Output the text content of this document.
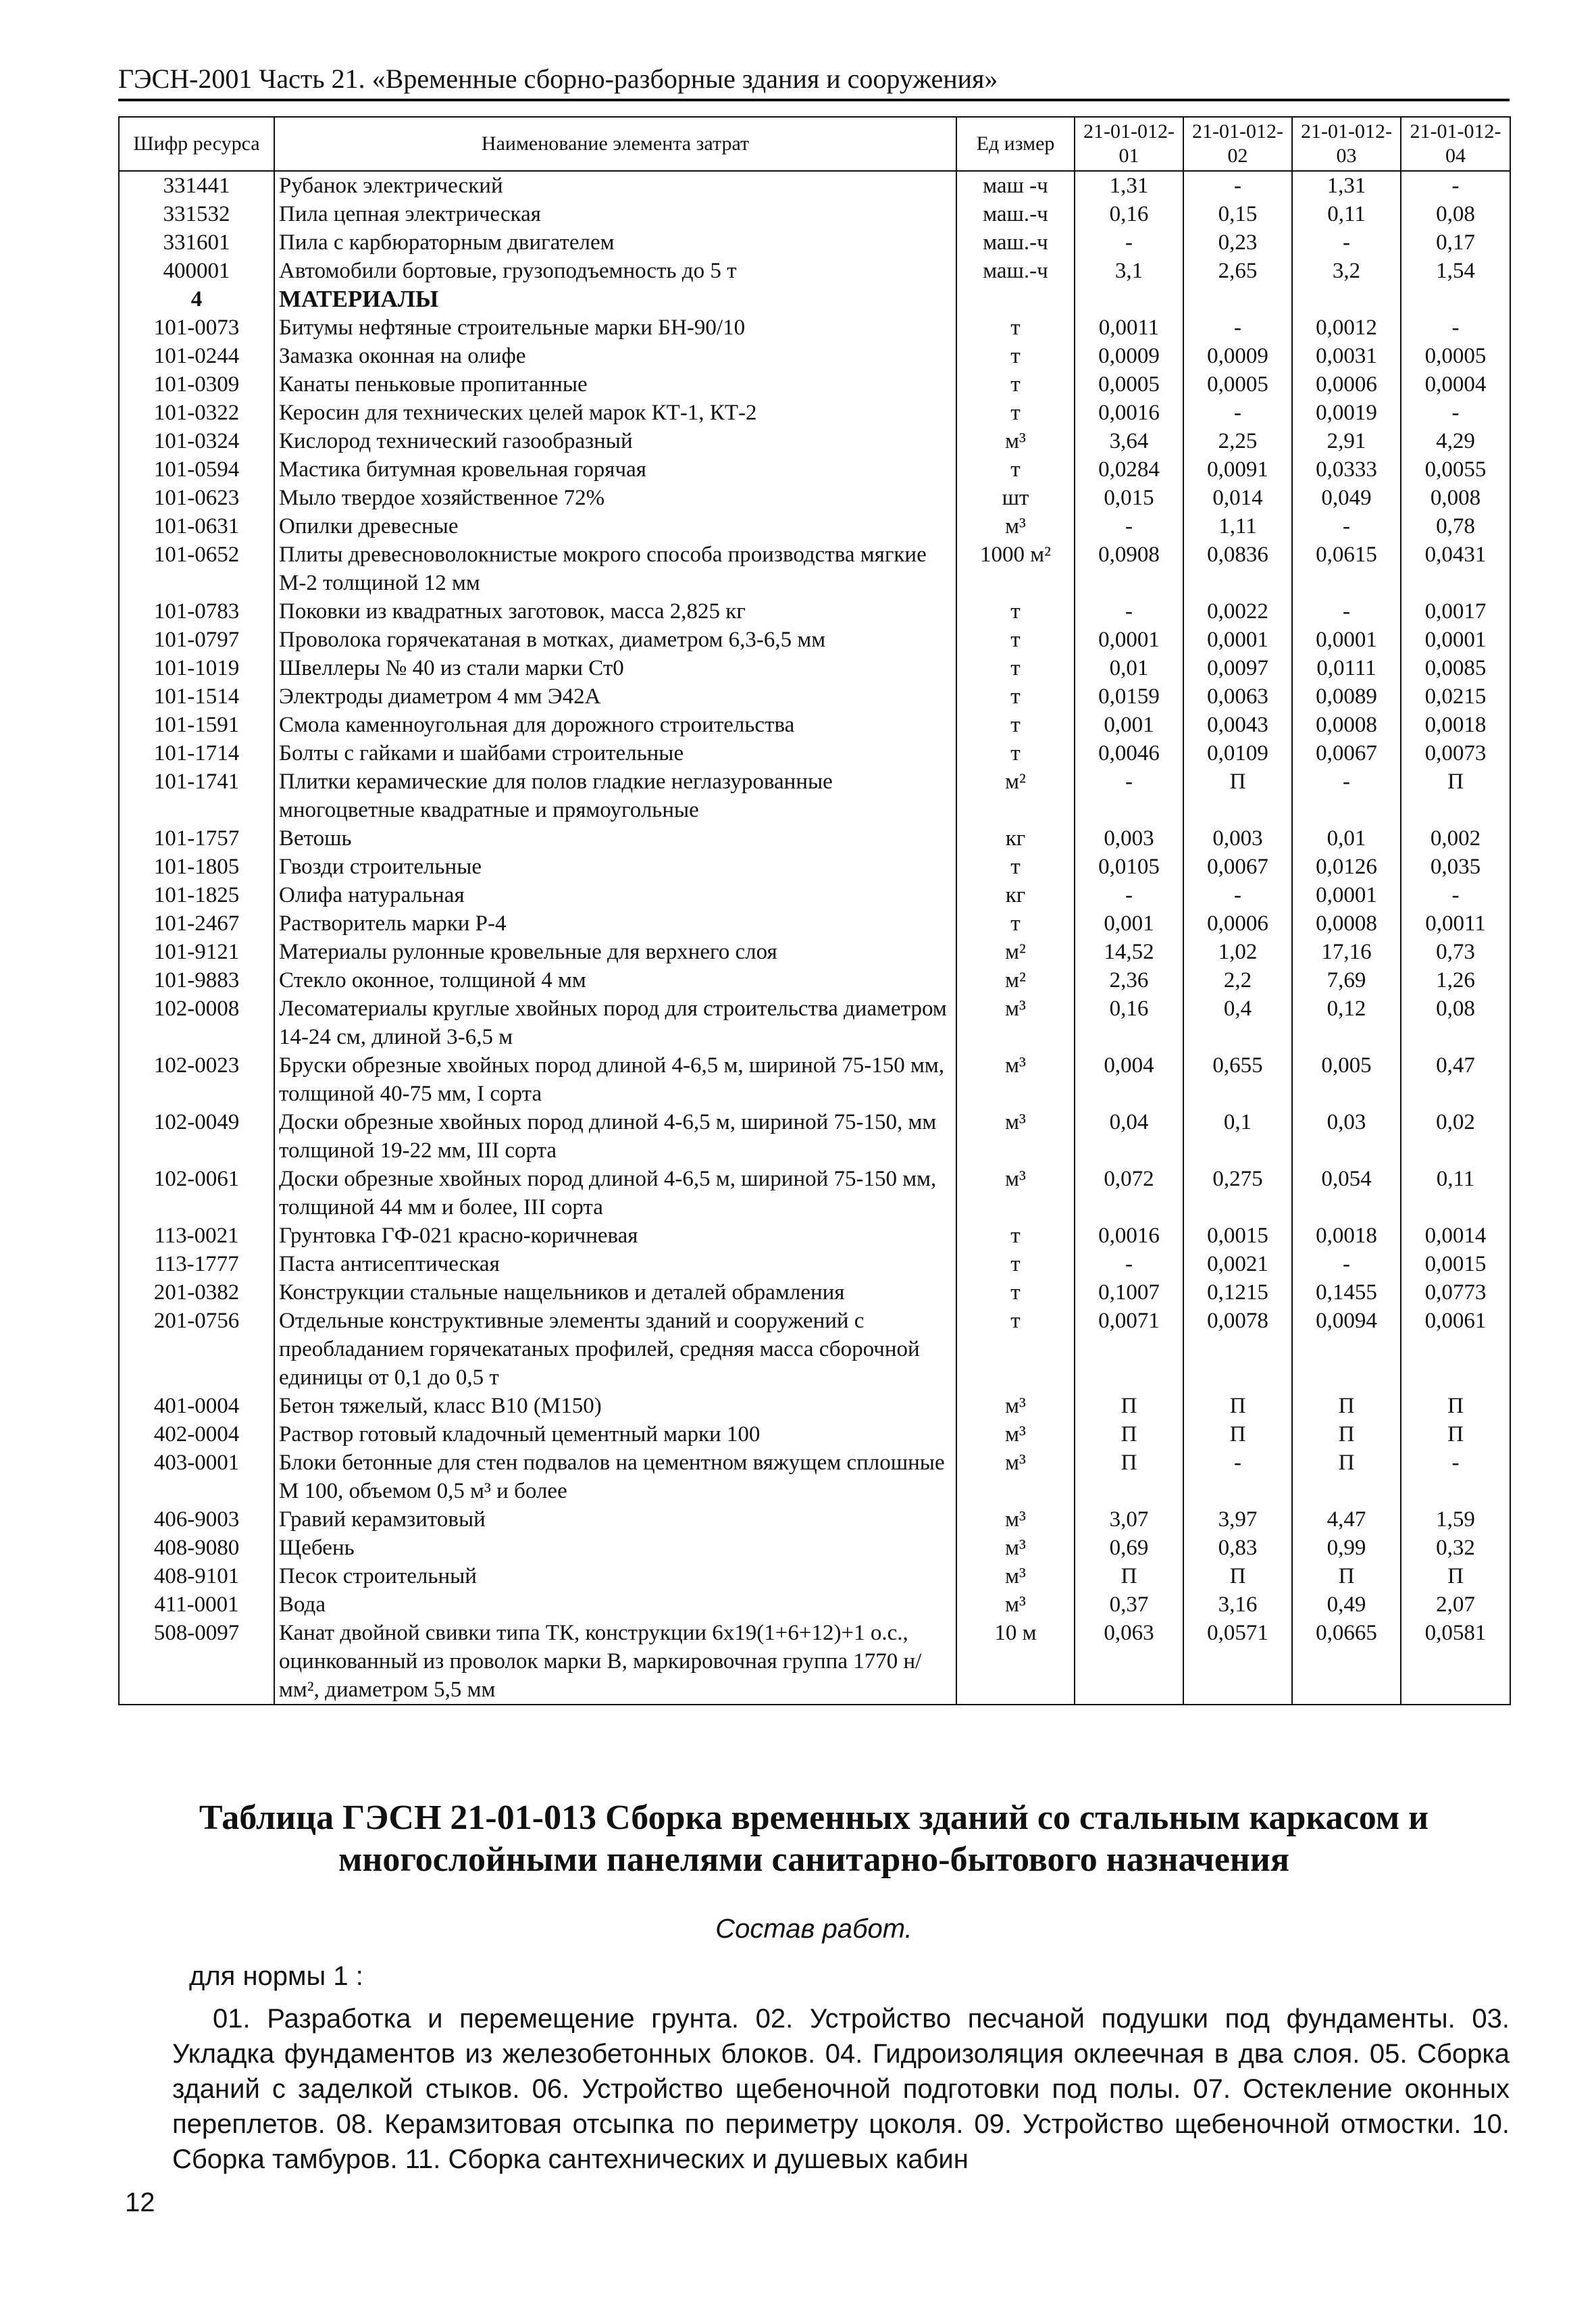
ГЭСН-2001 Часть 21. «Временные сборно-разборные здания и сооружения»
Шифр ресурса	Наименование элемента затрат	Ед измер	21-01-012-01	21-01-012-02	21-01-012-03	21-01-012-04
331441	Рубанок электрический	маш -ч	1,31	-	1,31	-
331532	Пила цепная электрическая	маш.-ч	0,16	0,15	0,11	0,08
331601	Пила с карбюраторным двигателем	маш.-ч	-	0,23	-	0,17
400001	Автомобили бортовые, грузоподъемность до 5 т	маш.-ч	3,1	2,65	3,2	1,54
4	МАТЕРИАЛЫ					
101-0073	Битумы нефтяные строительные марки БН-90/10	т	0,0011	-	0,0012	-
101-0244	Замазка оконная на олифе	т	0,0009	0,0009	0,0031	0,0005
101-0309	Канаты пеньковые пропитанные	т	0,0005	0,0005	0,0006	0,0004
101-0322	Керосин для технических целей марок КТ-1, КТ-2	т	0,0016	-	0,0019	-
101-0324	Кислород технический газообразный	м³	3,64	2,25	2,91	4,29
101-0594	Мастика битумная кровельная горячая	т	0,0284	0,0091	0,0333	0,0055
101-0623	Мыло твердое хозяйственное 72%	шт	0,015	0,014	0,049	0,008
101-0631	Опилки древесные	м³	-	1,11	-	0,78
101-0652	Плиты древесноволокнистые мокрого способа производства мягкие М-2 толщиной 12 мм	1000 м²	0,0908	0,0836	0,0615	0,0431
101-0783	Поковки из квадратных заготовок, масса 2,825 кг	т	-	0,0022	-	0,0017
101-0797	Проволока горячекатаная в мотках, диаметром 6,3-6,5 мм	т	0,0001	0,0001	0,0001	0,0001
101-1019	Швеллеры № 40 из стали марки Ст0	т	0,01	0,0097	0,0111	0,0085
101-1514	Электроды диаметром 4 мм Э42А	т	0,0159	0,0063	0,0089	0,0215
101-1591	Смола каменноугольная для дорожного строительства	т	0,001	0,0043	0,0008	0,0018
101-1714	Болты с гайками и шайбами строительные	т	0,0046	0,0109	0,0067	0,0073
101-1741	Плитки керамические для полов гладкие неглазурованные многоцветные квадратные и прямоугольные	м²	-	П	-	П
101-1757	Ветошь	кг	0,003	0,003	0,01	0,002
101-1805	Гвозди строительные	т	0,0105	0,0067	0,0126	0,035
101-1825	Олифа натуральная	кг	-	-	0,0001	-
101-2467	Растворитель марки Р-4	т	0,001	0,0006	0,0008	0,0011
101-9121	Материалы рулонные кровельные для верхнего слоя	м²	14,52	1,02	17,16	0,73
101-9883	Стекло оконное, толщиной 4 мм	м²	2,36	2,2	7,69	1,26
102-0008	Лесоматериалы круглые хвойных пород для строительства диаметром 14-24 см, длиной 3-6,5 м	м³	0,16	0,4	0,12	0,08
102-0023	Бруски обрезные хвойных пород длиной 4-6,5 м, шириной 75-150 мм, толщиной 40-75 мм, I сорта	м³	0,004	0,655	0,005	0,47
102-0049	Доски обрезные хвойных пород длиной 4-6,5 м, шириной 75-150, мм толщиной 19-22 мм, III сорта	м³	0,04	0,1	0,03	0,02
102-0061	Доски обрезные хвойных пород длиной 4-6,5 м, шириной 75-150 мм, толщиной 44 мм и более, III сорта	м³	0,072	0,275	0,054	0,11
113-0021	Грунтовка ГФ-021 красно-коричневая	т	0,0016	0,0015	0,0018	0,0014
113-1777	Паста антисептическая	т	-	0,0021	-	0,0015
201-0382	Конструкции стальные нащельников и деталей обрамления	т	0,1007	0,1215	0,1455	0,0773
201-0756	Отдельные конструктивные элементы зданий и сооружений с преобладанием горячекатаных профилей, средняя масса сборочной единицы от 0,1 до 0,5 т	т	0,0071	0,0078	0,0094	0,0061
401-0004	Бетон тяжелый, класс В10 (М150)	м³	П	П	П	П
402-0004	Раствор готовый кладочный цементный марки 100	м³	П	П	П	П
403-0001	Блоки бетонные для стен подвалов на цементном вяжущем сплошные М 100, объемом 0,5 м³ и более	м³	П	-	П	-
406-9003	Гравий керамзитовый	м³	3,07	3,97	4,47	1,59
408-9080	Щебень	м³	0,69	0,83	0,99	0,32
408-9101	Песок строительный	м³	П	П	П	П
411-0001	Вода	м³	0,37	3,16	0,49	2,07
508-0097	Канат двойной свивки типа ТК, конструкции 6х19(1+6+12)+1 о.с., оцинкованный из проволок марки В, маркировочная группа 1770 н/мм², диаметром 5,5 мм	10 м	0,063	0,0571	0,0665	0,0581
Таблица ГЭСН 21-01-013 Сборка временных зданий со стальным каркасом и многослойными панелями санитарно-бытового назначения
Состав работ.
для нормы 1 :
01. Разработка и перемещение грунта. 02. Устройство песчаной подушки под фундаменты. 03. Укладка фундаментов из железобетонных блоков. 04. Гидроизоляция оклеечная в два слоя. 05. Сборка зданий с заделкой стыков. 06. Устройство щебеночной подготовки под полы. 07. Остекление оконных переплетов. 08. Керамзитовая отсыпка по периметру цоколя. 09. Устройство щебеночной отмостки. 10. Сборка тамбуров. 11. Сборка сантехнических и душевых кабин
12
